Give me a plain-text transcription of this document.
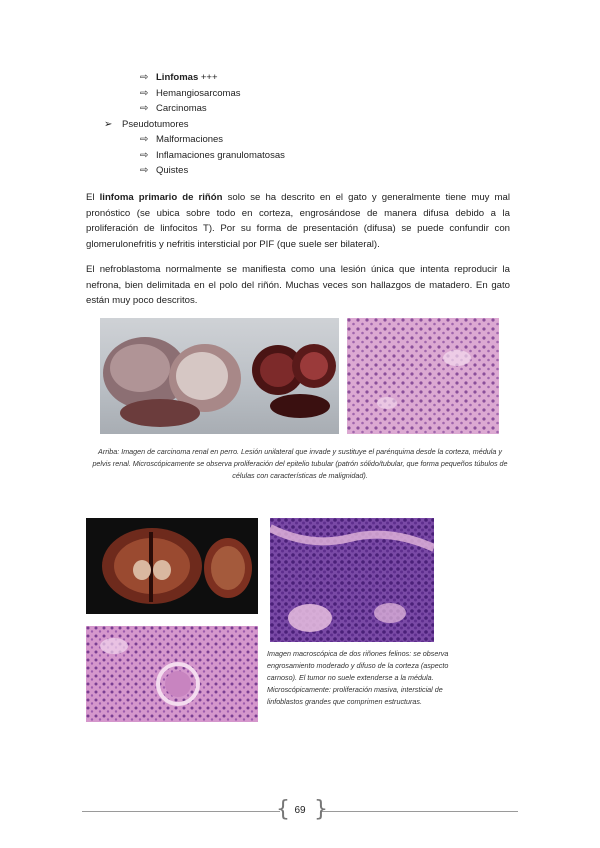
⇨ Linfomas +++
⇨ Hemangiosarcomas
⇨ Carcinomas
➢ Pseudotumores
⇨ Malformaciones
⇨ Inflamaciones granulomatosas
⇨ Quistes
El linfoma primario de riñón solo se ha descrito en el gato y generalmente tiene muy mal pronóstico (se ubica sobre todo en corteza, engrosándose de manera difusa debido a la proliferación de linfocitos T). Por su forma de presentación (difusa) se puede confundir con glomerulonefritis y nefritis intersticial por PIF (que suele ser bilateral).
El nefroblastoma normalmente se manifiesta como una lesión única que intenta reproducir la nefrona, bien delimitada en el polo del riñón. Muchas veces son hallazgos de matadero. En gato están muy poco descritos.
Arriba: Imagen de carcinoma renal en perro. Lesión unilateral que invade y sustituye el parénquima desde la corteza, médula y pelvis renal. Microscópicamente se observa proliferación del epitelio tubular (patrón sólido/tubular, que forma pequeños túbulos de células con características de malignidad).
Imagen macroscópica de dos riñones felinos: se observa engrosamiento moderado y difuso de la corteza (aspecto carnoso). El tumor no suele extenderse a la médula. Microscópicamente: proliferación masiva, intersticial de linfoblastos grandes que comprimen estructuras.
{ }
69
